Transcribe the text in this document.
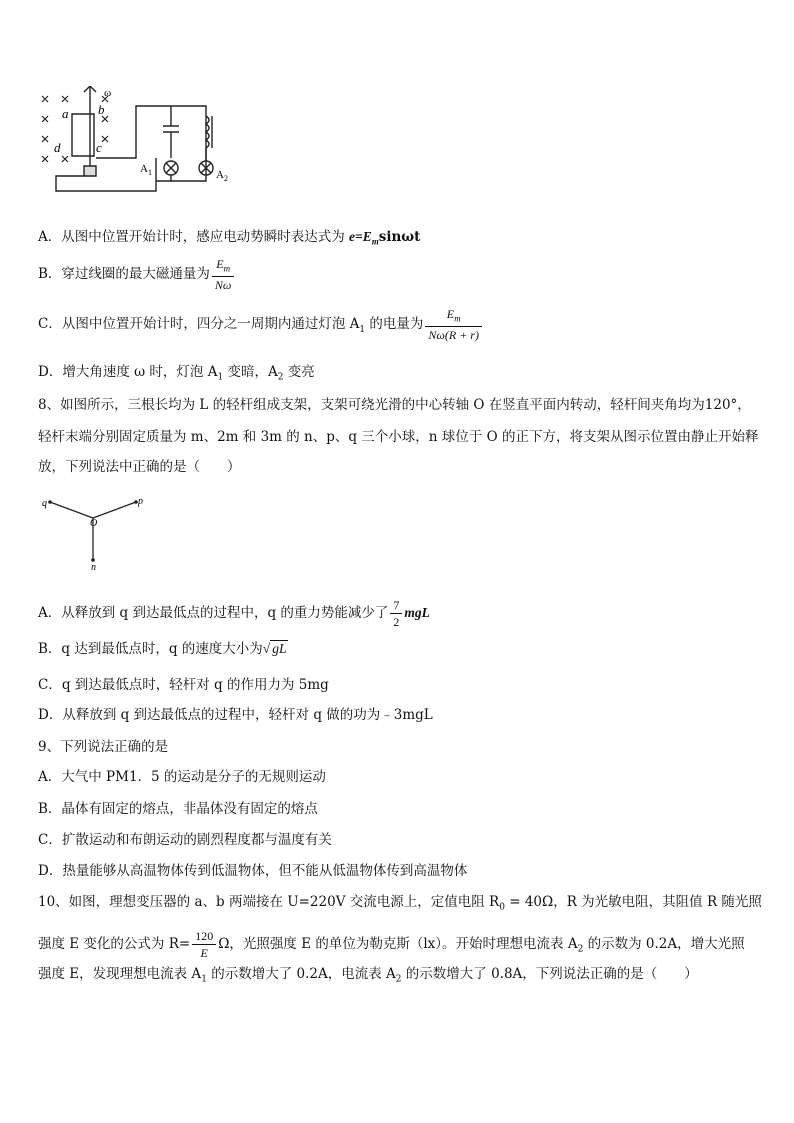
ω
a b
c
d
$A_1$	$A_2$
A．从图中位置开始计时，感应电动势瞬时表达式为 $e=E_m\sin\omega t$
B．穿过线圈的最大磁通量为 $\frac{E_m}{N\omega}$
C．从图中位置开始计时，四分之一周期内通过灯泡 $A_1$ 的电量为 $\frac{E_m}{N\omega(R + r)}$
D．增大角速度 ω 时，灯泡 $A_1$ 变暗，$A_2$ 变亮
8、如图所示，三根长均为 L 的轻杆组成支架，支架可绕光滑的中心转轴 O 在竖直平面内转动，轻杆间夹角均为120°，
轻杆末端分别固定质量为 m、2m 和 3m 的 n、p、q 三个小球，n 球位于 O 的正下方，将支架从图示位置由静止开始释
放，下列说法中正确的是（　　）
q	p
O
n
A．从释放到 q 到达最低点的过程中，q 的重力势能减少了 $\frac{7}{2}$ mgL
B．q 达到最低点时，q 的速度大小为√ gL
C．q 到达最低点时，轻杆对 q 的作用力为 5mg
D．从释放到 q 到达最低点的过程中，轻杆对 q 做的功为﹣3mgL
9、下列说法正确的是
A．大气中 PM1．5 的运动是分子的无规则运动
B．晶体有固定的熔点，非晶体没有固定的熔点
C．扩散运动和布朗运动的剧烈程度都与温度有关
D．热量能够从高温物体传到低温物体，但不能从低温物体传到高温物体
10、如图，理想变压器的 a、b 两端接在 U=220V 交流电源上，定值电阻 $R_0 = 40\Omega$，R 为光敏电阻，其阻值 R 随光照
强度 E 变化的公式为 $R= \frac{120}{E}$ Ω，光照强度 E 的单位为勒克斯（lx）。开始时理想电流表 $A_2$ 的示数为 0.2A，增大光照
强度 E，发现理想电流表 $A_1$ 的示数增大了 0.2A，电流表 $A_2$ 的示数增大了 0.8A，下列说法正确的是（　　）
